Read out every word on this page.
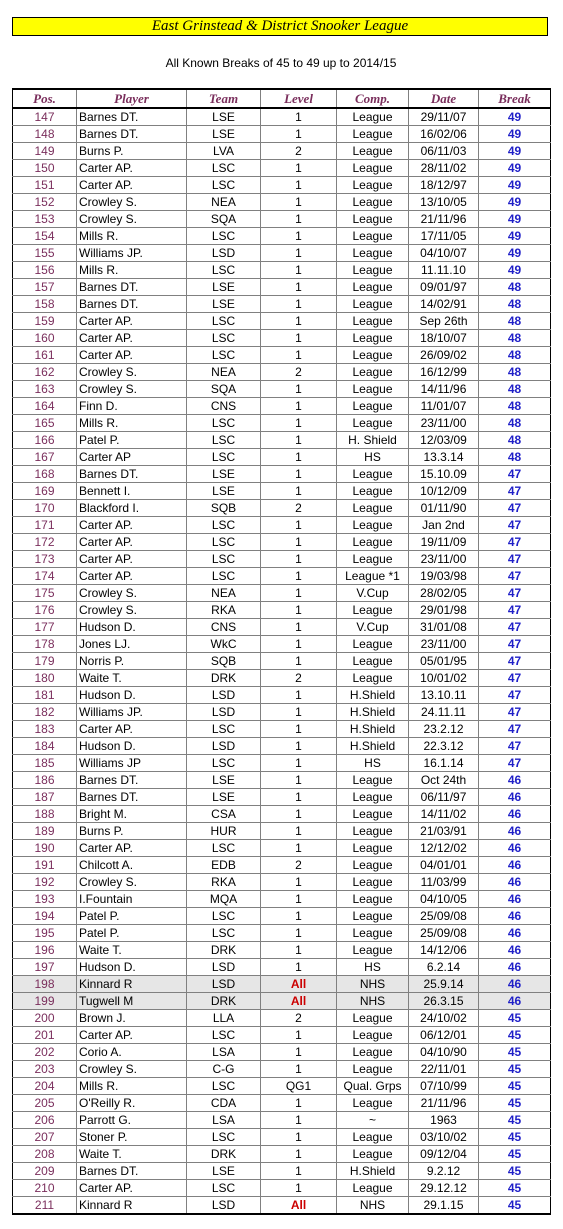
East Grinstead & District Snooker League
All Known Breaks of 45 to 49 up to 2014/15
Pos.	Player	Team	Level	Comp.	Date	Break
147	Barnes DT.	LSE	1	League	29/11/07	49
148	Barnes DT.	LSE	1	League	16/02/06	49
149	Burns P.	LVA	2	League	06/11/03	49
150	Carter AP.	LSC	1	League	28/11/02	49
151	Carter AP.	LSC	1	League	18/12/97	49
152	Crowley S.	NEA	1	League	13/10/05	49
153	Crowley S.	SQA	1	League	21/11/96	49
154	Mills R.	LSC	1	League	17/11/05	49
155	Williams JP.	LSD	1	League	04/10/07	49
156	Mills R.	LSC	1	League	11.11.10	49
157	Barnes DT.	LSE	1	League	09/01/97	48
158	Barnes DT.	LSE	1	League	14/02/91	48
159	Carter AP.	LSC	1	League	Sep 26th	48
160	Carter AP.	LSC	1	League	18/10/07	48
161	Carter AP.	LSC	1	League	26/09/02	48
162	Crowley S.	NEA	2	League	16/12/99	48
163	Crowley S.	SQA	1	League	14/11/96	48
164	Finn D.	CNS	1	League	11/01/07	48
165	Mills R.	LSC	1	League	23/11/00	48
166	Patel P.	LSC	1	H. Shield	12/03/09	48
167	Carter AP	LSC	1	HS	13.3.14	48
168	Barnes DT.	LSE	1	League	15.10.09	47
169	Bennett I.	LSE	1	League	10/12/09	47
170	Blackford I.	SQB	2	League	01/11/90	47
171	Carter AP.	LSC	1	League	Jan 2nd	47
172	Carter AP.	LSC	1	League	19/11/09	47
173	Carter AP.	LSC	1	League	23/11/00	47
174	Carter AP.	LSC	1	League *1	19/03/98	47
175	Crowley S.	NEA	1	V.Cup	28/02/05	47
176	Crowley S.	RKA	1	League	29/01/98	47
177	Hudson D.	CNS	1	V.Cup	31/01/08	47
178	Jones LJ.	WkC	1	League	23/11/00	47
179	Norris P.	SQB	1	League	05/01/95	47
180	Waite T.	DRK	2	League	10/01/02	47
181	Hudson D.	LSD	1	H.Shield	13.10.11	47
182	Williams JP.	LSD	1	H.Shield	24.11.11	47
183	Carter AP.	LSC	1	H.Shield	23.2.12	47
184	Hudson D.	LSD	1	H.Shield	22.3.12	47
185	Williams JP	LSC	1	HS	16.1.14	47
186	Barnes DT.	LSE	1	League	Oct 24th	46
187	Barnes DT.	LSE	1	League	06/11/97	46
188	Bright M.	CSA	1	League	14/11/02	46
189	Burns P.	HUR	1	League	21/03/91	46
190	Carter AP.	LSC	1	League	12/12/02	46
191	Chilcott A.	EDB	2	League	04/01/01	46
192	Crowley S.	RKA	1	League	11/03/99	46
193	I.Fountain	MQA	1	League	04/10/05	46
194	Patel P.	LSC	1	League	25/09/08	46
195	Patel P.	LSC	1	League	25/09/08	46
196	Waite T.	DRK	1	League	14/12/06	46
197	Hudson D.	LSD	1	HS	6.2.14	46
198	Kinnard R	LSD	All	NHS	25.9.14	46
199	Tugwell M	DRK	All	NHS	26.3.15	46
200	Brown J.	LLA	2	League	24/10/02	45
201	Carter AP.	LSC	1	League	06/12/01	45
202	Corio A.	LSA	1	League	04/10/90	45
203	Crowley S.	C-G	1	League	22/11/01	45
204	Mills R.	LSC	QG1	Qual. Grps	07/10/99	45
205	O'Reilly R.	CDA	1	League	21/11/96	45
206	Parrott G.	LSA	1	~	1963	45
207	Stoner P.	LSC	1	League	03/10/02	45
208	Waite T.	DRK	1	League	09/12/04	45
209	Barnes DT.	LSE	1	H.Shield	9.2.12	45
210	Carter AP.	LSC	1	League	29.12.12	45
211	Kinnard R	LSD	All	NHS	29.1.15	45
